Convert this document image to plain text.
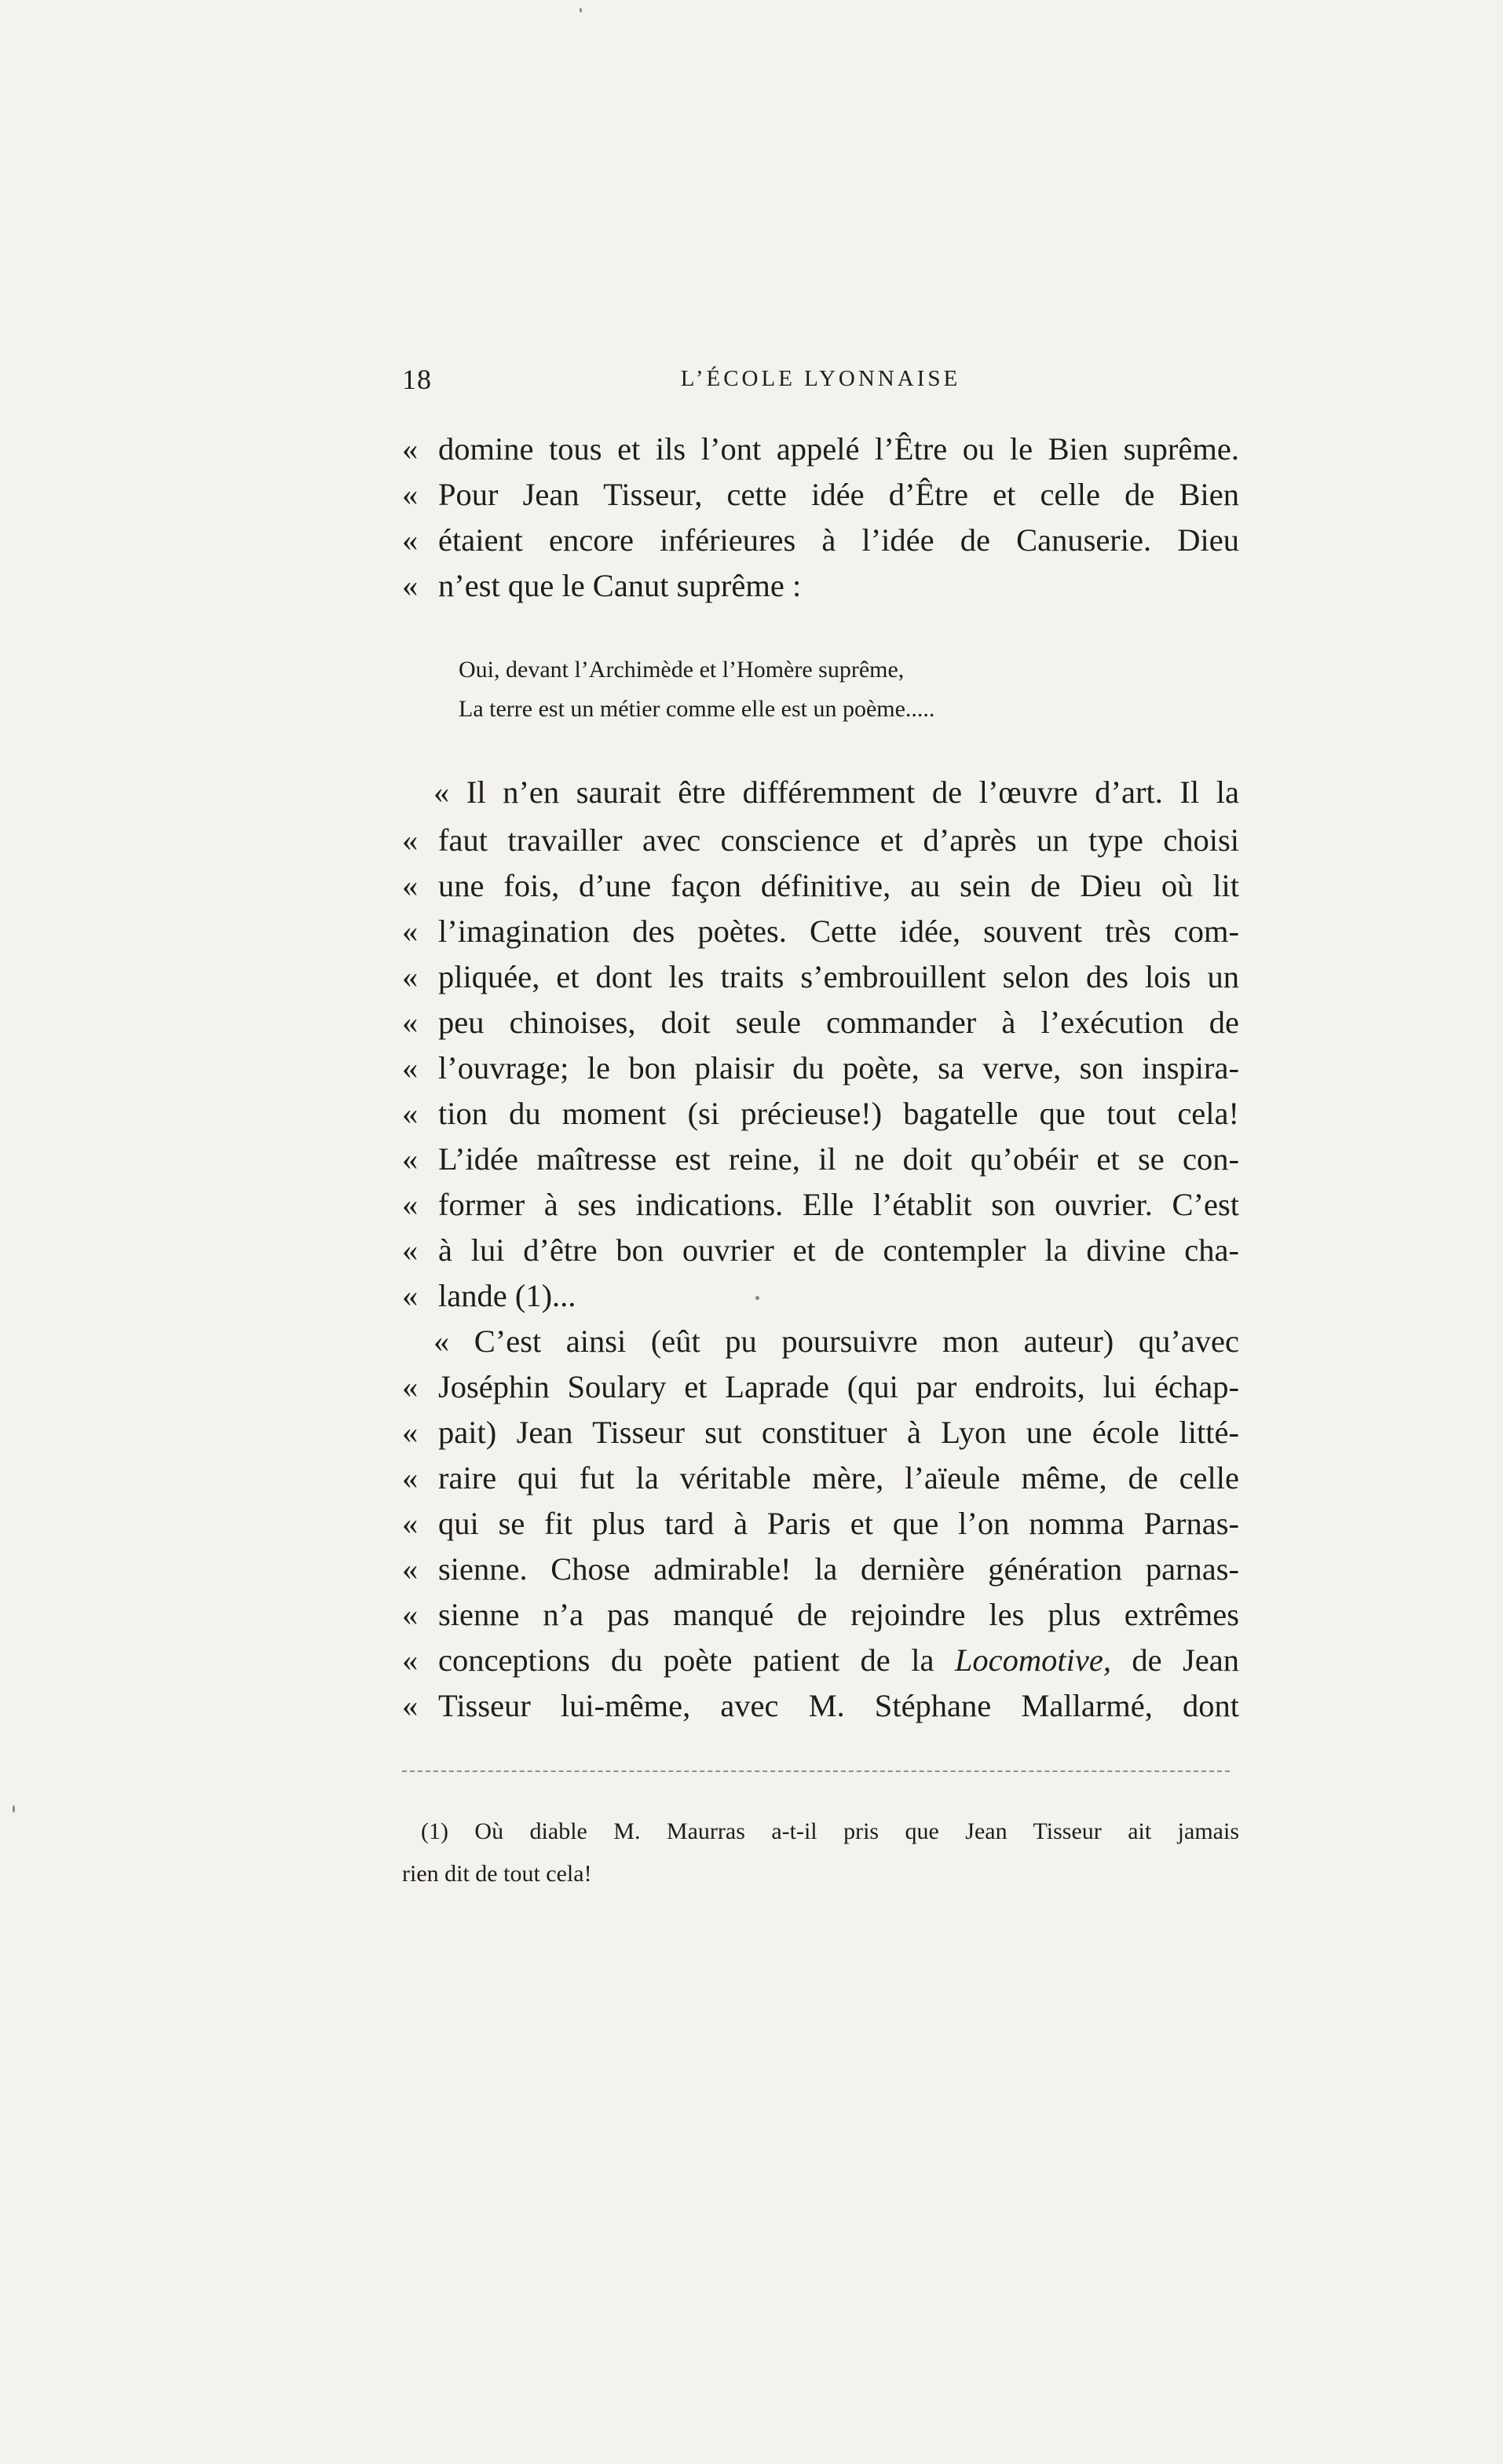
18	L’ÉCOLE LYONNAISE
« domine tous et ils l’ont appelé l’Être ou le Bien suprême.
« Pour Jean Tisseur, cette idée d’Être et celle de Bien
« étaient encore inférieures à l’idée de Canuserie. Dieu
« n’est que le Canut suprême :
« Il n’en saurait être différemment de l’œuvre d’art. Il la
« faut travailler avec conscience et d’après un type choisi
« une fois, d’une façon définitive, au sein de Dieu où lit
« l’imagination des poètes. Cette idée, souvent très com-
« pliquée, et dont les traits s’embrouillent selon des lois un
« peu chinoises, doit seule commander à l’exécution de
« l’ouvrage; le bon plaisir du poète, sa verve, son inspira-
« tion du moment (si précieuse!) bagatelle que tout cela!
« L’idée maîtresse est reine, il ne doit qu’obéir et se con-
« former à ses indications. Elle l’établit son ouvrier. C’est
« à lui d’être bon ouvrier et de contempler la divine cha-
« lande (1)...
« C’est ainsi (eût pu poursuivre mon auteur) qu’avec
« Joséphin Soulary et Laprade (qui par endroits, lui échap-
« pait) Jean Tisseur sut constituer à Lyon une école litté-
« raire qui fut la véritable mère, l’aïeule même, de celle
« qui se fit plus tard à Paris et que l’on nomma Parnas-
« sienne. Chose admirable! la dernière génération parnas-
« sienne n’a pas manqué de rejoindre les plus extrêmes
« conceptions du poète patient de la Locomotive, de Jean
« Tisseur lui-même, avec M. Stéphane Mallarmé, dont
Oui, devant l’Archimède et l’Homère suprême,
La terre est un métier comme elle est un poème.....
(1) Où diable M. Maurras a-t-il pris que Jean Tisseur ait jamais
rien dit de tout cela!
